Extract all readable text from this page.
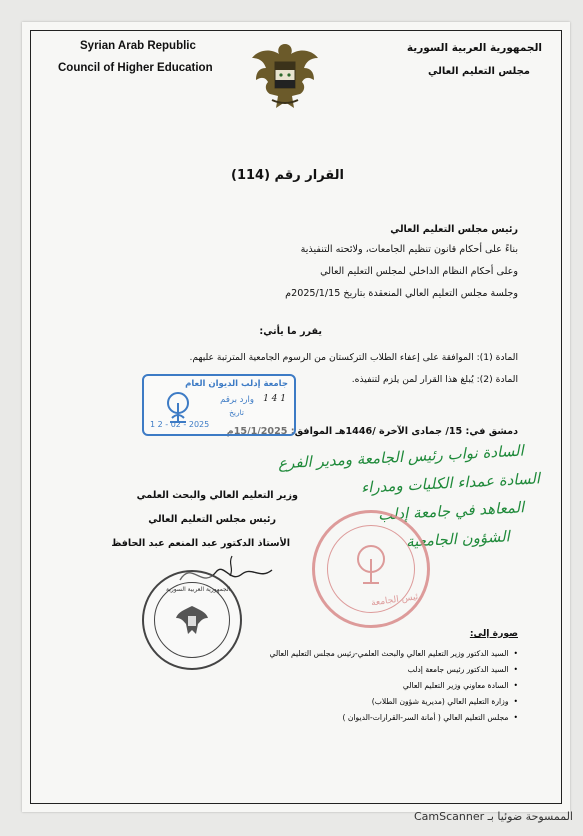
Syrian Arab Republic
Council of Higher Education
الجمهورية العربية السورية
مجلس التعليم العالي
القرار رقم (114)
رئيس مجلس التعليم العالي
بناءً على أحكام قانون تنظيم الجامعات، ولائحته التنفيذية
وعلى أحكام النظام الداخلي لمجلس التعليم العالي
وجلسة مجلس التعليم العالي المنعقدة بتاريخ 2025/1/15م
يقرر ما يأتي:
المادة (1): الموافقة على إعفاء الطلاب التركستان من الرسوم الجامعية المترتبة عليهم.
المادة (2): يُبلغ هذا القرار لمن يلزم لتنفيذه.
دمشق في: 15/ جمادى الآخرة /1446هـ الموافق: 15/1/2025م
السادة نواب رئيس الجامعة ومدير الفرع
السادة عمداء الكليات ومدراء
المعاهد في جامعة إدلب
الشؤون الجامعية
وزير التعليم العالي والبحث العلمي
رئيس مجلس التعليم العالي
الأستاذ الدكتور عبد المنعم عبد الحافظ
رئيس الجامعة
الجمهورية العربية السورية
جامعة إدلب الديوان العام
وارد برقم 1 4 1
تاريخ
1 2 - 02 - 2025
صورة إلى:
• السيد الدكتور وزير التعليم العالي والبحث العلمي-رئيس مجلس التعليم العالي
• السيد الدكتور رئيس جامعة إدلب
• السادة معاوني وزير التعليم العالي
• وزارة التعليم العالي (مديرية شؤون الطلاب)
• مجلس التعليم العالي ( أمانة السر-القرارات-الديوان )
الممسوحة ضوئيا بـ CamScanner
